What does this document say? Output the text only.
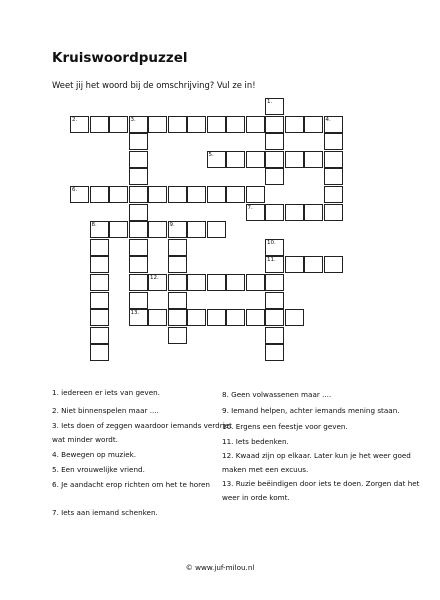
Kruiswoordpuzzel
Weet jij het woord bij de omschrijving? Vul ze in!
2.	3.	4.
6.
5.
7.
8.	9.
11.
12.
13.
1.
10.
1. iedereen er iets van geven.
2. Niet binnenspelen maar ....
3. Iets doen of zeggen waardoor iemands verdriet wat minder wordt.
4. Bewegen op muziek.
5. Een vrouwelijke vriend.
6. Je aandacht erop richten om het te horen
7. Iets aan iemand schenken.
8. Geen volwassenen maar ....
9. Iemand helpen, achter iemands mening staan.
10. Ergens een feestje voor geven.
11. Iets bedenken.
12. Kwaad zijn op elkaar. Later kun je het weer goed maken met een excuus.
13. Ruzie beëindigen door iets te doen. Zorgen dat het weer in orde komt.
© www.juf-milou.nl
